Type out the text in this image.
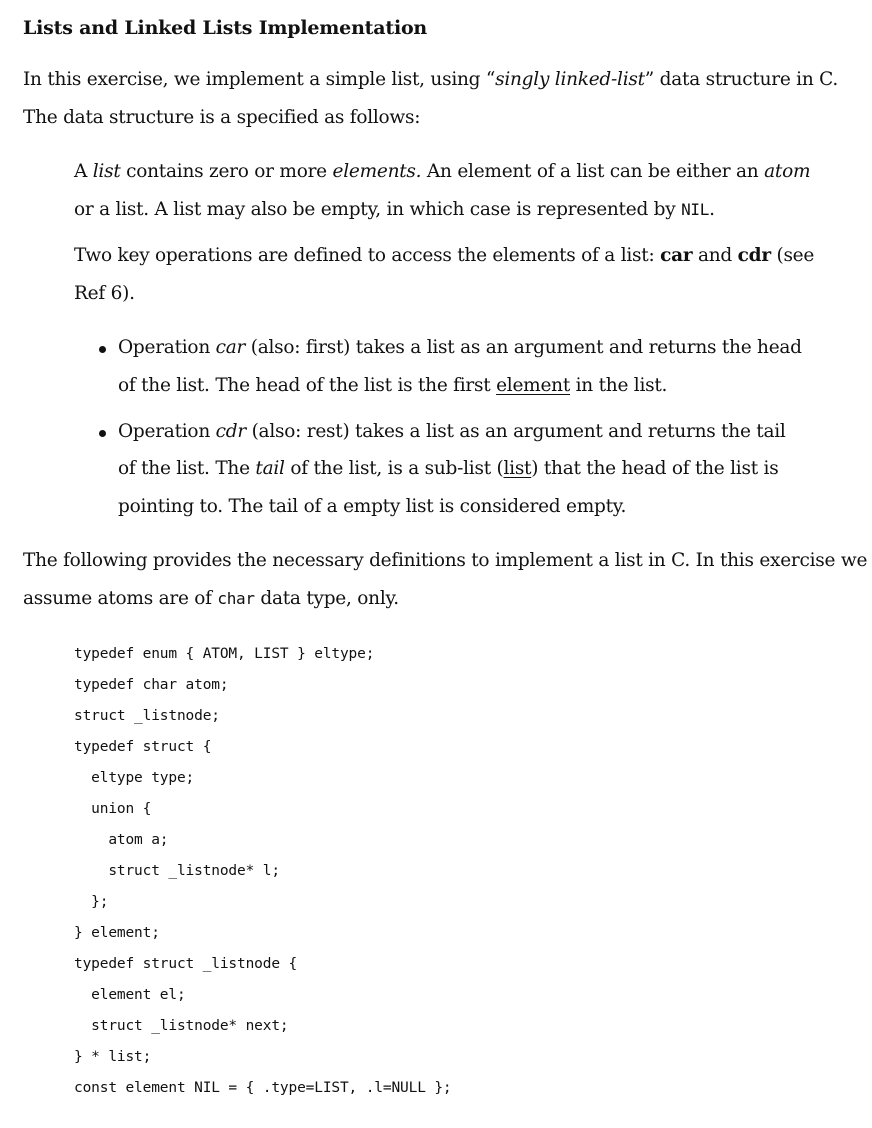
Lists and Linked Lists Implementation
In this exercise, we implement a simple list, using “singly linked-list” data structure in C.
The data structure is a specified as follows:
A list contains zero or more elements. An element of a list can be either an atom
or a list. A list may also be empty, in which case is represented by NIL.
Two key operations are defined to access the elements of a list: car and cdr (see
Ref 6).
Operation car (also: first) takes a list as an argument and returns the head
of the list. The head of the list is the first element in the list.
Operation cdr (also: rest) takes a list as an argument and returns the tail
of the list. The tail of the list, is a sub-list (list) that the head of the list is
pointing to. The tail of a empty list is considered empty.
The following provides the necessary definitions to implement a list in C. In this exercise we
assume atoms are of char data type, only.
typedef enum { ATOM, LIST } eltype;
typedef char atom;
struct _listnode;
typedef struct {
eltype type;
union {
atom a;
struct _listnode* l;
};
} element;
typedef struct _listnode {
element el;
struct _listnode* next;
} * list;
const element NIL = { .type=LIST, .l=NULL };
